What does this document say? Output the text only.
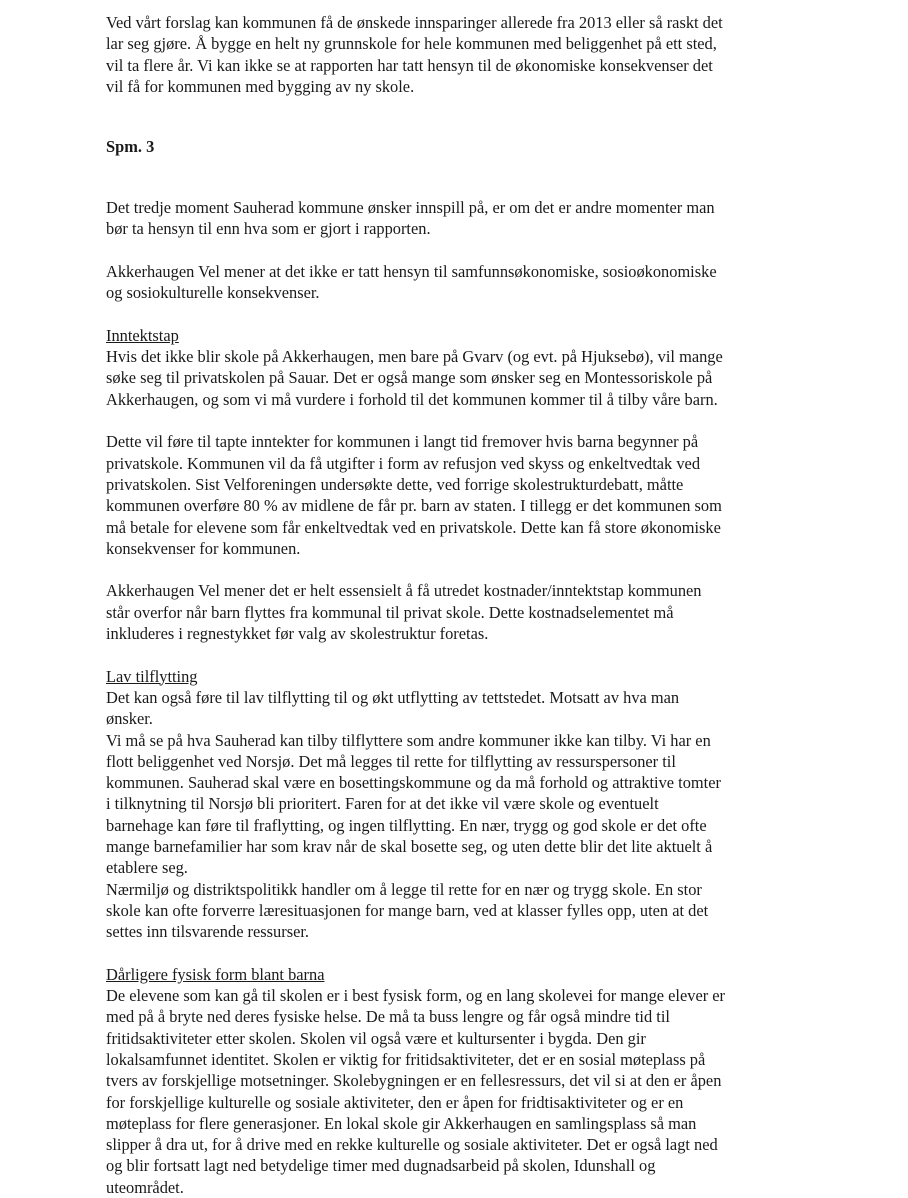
Ved vårt forslag kan kommunen få de ønskede innsparinger allerede fra 2013 eller så raskt det
lar seg gjøre. Å bygge en helt ny grunnskole for hele kommunen med beliggenhet på ett sted,
vil ta flere år. Vi kan ikke se at rapporten har tatt hensyn til de økonomiske konsekvenser det
vil få for kommunen med bygging av ny skole.

Spm. 3

Det tredje moment Sauherad kommune ønsker innspill på, er om det er andre momenter man
bør ta hensyn til enn hva som er gjort i rapporten.

Akkerhaugen Vel mener at det ikke er tatt hensyn til samfunnsøkonomiske, sosioøkonomiske
og sosiokulturelle konsekvenser.

Inntektstap

Hvis det ikke blir skole på Akkerhaugen, men bare på Gvarv (og evt. på Hjuksebø), vil mange
søke seg til privatskolen på Sauar. Det er også mange som ønsker seg en Montessoriskole på
Akkerhaugen, og som vi må vurdere i forhold til det kommunen kommer til å tilby våre barn.

Dette vil føre til tapte inntekter for kommunen i langt tid fremover hvis barna begynner på
privatskole. Kommunen vil da få utgifter i form av refusjon ved skyss og enkeltvedtak ved
privatskolen. Sist Velforeningen undersøkte dette, ved forrige skolestrukturdebatt, måtte
kommunen overføre 80 % av midlene de får pr. barn av staten. I tillegg er det kommunen som
må betale for elevene som får enkeltvedtak ved en privatskole. Dette kan få store økonomiske
konsekvenser for kommunen.

Akkerhaugen Vel mener det er helt essensielt å få utredet kostnader/inntektstap kommunen
står overfor når barn flyttes fra kommunal til privat skole. Dette kostnadselementet må
inkluderes i regnestykket før valg av skolestruktur foretas.

Lav tilflytting

Det kan også føre til lav tilflytting til og økt utflytting av tettstedet. Motsatt av hva man
ønsker.
Vi må se på hva Sauherad kan tilby tilflyttere som andre kommuner ikke kan tilby. Vi har en
flott beliggenhet ved Norsjø. Det må legges til rette for tilflytting av ressurspersoner til
kommunen. Sauherad skal være en bosettingskommune og da må forhold og attraktive tomter
i tilknytning til Norsjø bli prioritert. Faren for at det ikke vil være skole og eventuelt
barnehage kan føre til fraflytting, og ingen tilflytting. En nær, trygg og god skole er det ofte
mange barnefamilier har som krav når de skal bosette seg, og uten dette blir det lite aktuelt å
etablere seg.
Nærmiljø og distriktspolitikk handler om å legge til rette for en nær og trygg skole. En stor
skole kan ofte forverre læresituasjonen for mange barn, ved at klasser fylles opp, uten at det
settes inn tilsvarende ressurser.

Dårligere fysisk form blant barna

De elevene som kan gå til skolen er i best fysisk form, og en lang skolevei for mange elever er
med på å bryte ned deres fysiske helse. De må ta buss lengre og får også mindre tid til
fritidsaktiviteter etter skolen. Skolen vil også være et kultursenter i bygda. Den gir
lokalsamfunnet identitet. Skolen er viktig for fritidsaktiviteter, det er en sosial møteplass på
tvers av forskjellige motsetninger. Skolebygningen er en fellesressurs, det vil si at den er åpen
for forskjellige kulturelle og sosiale aktiviteter, den er åpen for fridtisaktiviteter og er en
møteplass for flere generasjoner. En lokal skole gir Akkerhaugen en samlingsplass så man
slipper å dra ut, for å drive med en rekke kulturelle og sosiale aktiviteter. Det er også lagt ned
og blir fortsatt lagt ned betydelige timer med dugnadsarbeid på skolen, Idunshall og
uteområdet.
